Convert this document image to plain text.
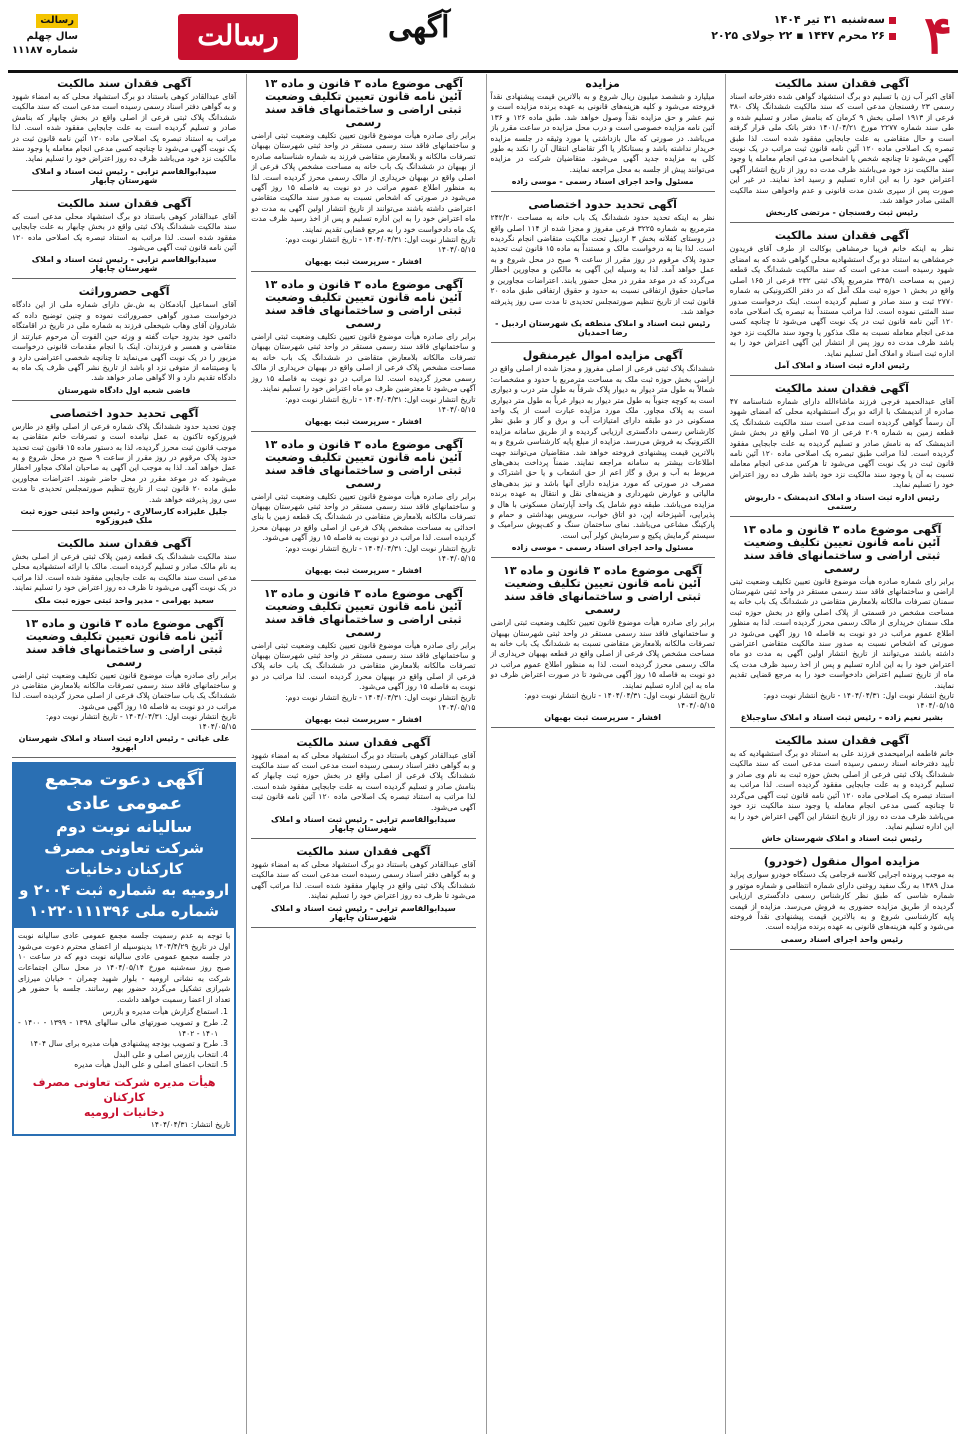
۴
سه‌شنبه ۳۱ تیر ۱۴۰۴
۲۶ محرم ۱۴۴۷ ▪ ۲۲ جولای ۲۰۲۵
آگهی
رسالت
رسالت
سال چهلم
شماره ۱۱۱۸۷
آگهی فقدان سند مالکیت

آقای اکبر آب زن با تسلیم دو برگ استشهاد گواهی شده دفترخانه اسناد رسمی ۲۳ رفسنجان مدعی است که سند مالکیت ششدانگ پلاک ۳۸۰ فرعی از ۱۹۱۳ اصلی بخش ۹ کرمان که بنامش صادر و تسلیم شده و طی سند شماره ۲۲۷۷ مورخ ۱۴۰۱/۰۴/۲۱ دفتر بانک ملی قرار گرفته است و حال متقاضی به علت جابجایی مفقود شده است. لذا طبق تبصره یک اصلاحی ماده ۱۲۰ آئین نامه قانون ثبت مراتب در یک نوبت آگهی می‌شود تا چنانچه شخص یا اشخاصی مدعی انجام معامله یا وجود سند مالکیت نزد خود می‌باشند ظرف مدت ده روز از تاریخ انتشار آگهی اعتراض خود را به این اداره تسلیم و رسید اخذ نمایند. در غیر این صورت پس از سپری شدن مدت قانونی و عدم واخواهی سند مالکیت المثنی صادر خواهد شد.

رئیس ثبت رفسنجان - مرتضی کاربخش
آگهی فقدان سند مالکیت

نظر به اینکه خانم فریبا خرمشاهی بوکالت از طرف آقای فریدون خرمشاهی به استناد دو برگ استشهادیه محلی گواهی شده که به امضای شهود رسیده است مدعی است که سند مالکیت ششدانگ یک قطعه زمین به مساحت ۳۴۵/۱ مترمربع پلاک ثبتی ۲۳۲ فرعی از ۱۶۵ اصلی واقع در بخش ۱ حوزه ثبت ملک آمل که در دفتر الکترونیکی به شماره ۲۷۷۰ ثبت و سند صادر و تسلیم گردیده است. اینک درخواست صدور سند المثنی نموده است. لذا مراتب مستنداً به تبصره یک اصلاحی ماده ۱۲۰ آئین نامه قانون ثبت در یک نوبت آگهی می‌شود تا چنانچه کسی مدعی انجام معامله نسبت به ملک مذکور یا وجود سند مالکیت نزد خود باشد ظرف مدت ده روز پس از انتشار این آگهی اعتراض خود را به اداره ثبت اسناد و املاک آمل تسلیم نماید.

رئیس اداره ثبت اسناد و املاک آمل
آگهی فقدان سند مالکیت

آقای عبدالحمید فرجی فرزند ماشاءالله دارای شماره شناسنامه ۴۷ صادره از اندیمشک با ارائه دو برگ استشهادیه محلی که امضای شهود آن رسماً گواهی گردیده است مدعی است سند مالکیت ششدانگ یک قطعه زمین به شماره ۲۰۹ فرعی از ۷۵ اصلی واقع در بخش شش اندیمشک که به نامش صادر و تسلیم گردیده به علت جابجایی مفقود گردیده است. لذا مراتب طبق تبصره یک اصلاحی ماده ۱۲۰ آئین نامه قانون ثبت در یک نوبت آگهی می‌شود تا هرکس مدعی انجام معامله نسبت به آن یا وجود سند مالکیت نزد خود باشد ظرف ده روز اعتراض خود را تسلیم نماید.

رئیس اداره ثبت اسناد و املاک اندیمشک - داریوش رستمی
آگهی موضوع ماده ۳ قانون و ماده ۱۳ آئین نامه قانون تعیین تکلیف وضعیت ثبتی اراضی و ساختمانهای فاقد سند رسمی

برابر رای شماره صادره هیأت موضوع قانون تعیین تکلیف وضعیت ثبتی اراضی و ساختمانهای فاقد سند رسمی مستقر در واحد ثبتی شهرستان سمنان تصرفات مالکانه بلامعارض متقاضی در ششدانگ یک باب خانه به مساحت مشخص در قسمتی از پلاک اصلی واقع در بخش حوزه ثبت ملک سمنان خریداری از مالک رسمی محرز گردیده است. لذا به منظور اطلاع عموم مراتب در دو نوبت به فاصله ۱۵ روز آگهی می‌شود در صورتی که اشخاص نسبت به صدور سند مالکیت متقاضی اعتراضی داشته باشند می‌توانند از تاریخ انتشار اولین آگهی به مدت دو ماه اعتراض خود را به این اداره تسلیم و پس از اخذ رسید ظرف مدت یک ماه از تاریخ تسلیم اعتراض دادخواست خود را به مرجع قضایی تقدیم نمایند.

تاریخ انتشار نوبت اول: ۱۴۰۴/۰۴/۳۱ - تاریخ انتشار نوبت دوم: ۱۴۰۴/۰۵/۱۵
بشیر نعیم زاده - رئیس ثبت اسناد و املاک ساوجبلاغ
آگهی فقدان سند مالکیت

خانم فاطمه ابرامیحمدی فرزند علی به استناد دو برگ استشهادیه که به تأیید دفترخانه اسناد رسمی رسیده است مدعی است که سند مالکیت ششدانگ پلاک ثبتی فرعی از اصلی بخش حوزه ثبت به نام وی صادر و تسلیم گردیده و به علت جابجایی مفقود گردیده است. لذا مراتب به استناد تبصره یک اصلاحی ماده ۱۲۰ آئین نامه قانون ثبت آگهی می‌گردد تا چنانچه کسی مدعی انجام معامله یا وجود سند مالکیت نزد خود می‌باشد ظرف مدت ده روز از تاریخ انتشار این آگهی اعتراض خود را به این اداره تسلیم نماید.

رئیس ثبت اسناد و املاک شهرستان خاش
مزایده اموال منقول (خودرو)

به موجب پرونده اجرایی کلاسه فرجامی یک دستگاه خودرو سواری پراید مدل ۱۳۸۹ به رنگ سفید روغنی دارای شماره انتظامی و شماره موتور و شماره شاسی که طبق نظر کارشناس رسمی دادگستری ارزیابی گردیده از طریق مزایده حضوری به فروش می‌رسد. مزایده از قیمت پایه کارشناسی شروع و به بالاترین قیمت پیشنهادی نقداً فروخته می‌شود و کلیه هزینه‌های قانونی به عهده برنده مزایده است.

رئیس واحد اجرای اسناد رسمی
مزایده

میلیارد و ششصد میلیون ریال شروع و به بالاترین قیمت پیشنهادی نقداً فروخته می‌شود و کلیه هزینه‌های قانونی به عهده برنده مزایده است و نیم عشر و حق مزایده نقداً وصول خواهد شد. طبق ماده ۱۲۶ و ۱۳۶ آئین نامه مزایده خصوصی است و درب محل مزایده در ساعت مقرر باز می‌باشد. در صورتی که مال بازداشتی یا مورد وثیقه در جلسه مزایده خریدار نداشته باشد و بستانکار یا اگر تقاضای انتقال آن را نکند به طور کلی به مزایده جدید آگهی می‌شود. متقاضیان شرکت در مزایده می‌توانند پیش از جلسه به محل مراجعه نمایند.

مسئول واحد اجرای اسناد رسمی - موسی زاده
آگهی تحدید حدود اختصاصی

نظر به اینکه تحدید حدود ششدانگ یک باب خانه به مساحت ۲۴۲/۲۰ مترمربع به شماره ۳۲۲۵ فرعی مفروز و مجزا شده از ۱۱۴ اصلی واقع در روستای کفلانه بخش ۳ اردبیل تحت مالکیت متقاضی انجام نگردیده است. لذا بنا به درخواست مالک و مستنداً به ماده ۱۵ قانون ثبت تحدید حدود پلاک مرقوم در روز مقرر از ساعت ۹ صبح در محل شروع و به عمل خواهد آمد. لذا به وسیله این آگهی به مالکین و مجاورین اخطار می‌گردد که در موعد مقرر در محل حضور یابند. اعتراضات مجاورین و صاحبان حقوق ارتفاقی نسبت به حدود و حقوق ارتفاقی طبق ماده ۲۰ قانون ثبت از تاریخ تنظیم صورتمجلس تحدیدی تا مدت سی روز پذیرفته خواهد شد.

رئیس ثبت اسناد و املاک منطقه یک شهرستان اردبیل - رضا احمدیان
آگهی مزایده اموال غیرمنقول

ششدانگ پلاک ثبتی فرعی از اصلی مفروز و مجزا شده از اصلی واقع در اراضی بخش حوزه ثبت ملک به مساحت مترمربع با حدود و مشخصات: شمالاً به طول متر دیوار به دیوار پلاک شرقاً به طول متر درب و دیواری است به کوچه جنوباً به طول متر دیوار به دیوار غرباً به طول متر دیواری است به پلاک مجاور. ملک مورد مزایده عبارت است از یک واحد مسکونی در دو طبقه دارای امتیازات آب و برق و گاز و طبق نظر کارشناس رسمی دادگستری ارزیابی گردیده و از طریق سامانه مزایده الکترونیک به فروش می‌رسد. مزایده از مبلغ پایه کارشناسی شروع و به بالاترین قیمت پیشنهادی فروخته خواهد شد. متقاضیان می‌توانند جهت اطلاعات بیشتر به سامانه مراجعه نمایند. ضمناً پرداخت بدهی‌های مربوط به آب و برق و گاز اعم از حق انشعاب و یا حق اشتراک و مصرف در صورتی که مورد مزایده دارای آنها باشد و نیز بدهی‌های مالیاتی و عوارض شهرداری و هزینه‌های نقل و انتقال به عهده برنده مزایده می‌باشد. طبقه دوم شامل یک واحد آپارتمان مسکونی با هال و پذیرایی، آشپزخانه اپن، دو اتاق خواب، سرویس بهداشتی و حمام و پارکینگ مشاعی می‌باشد. نمای ساختمان سنگ و کف‌پوش سرامیک و سیستم گرمایش پکیج و سرمایش کولر آبی است.

مسئول واحد اجرای اسناد رسمی - موسی زاده
آگهی موضوع ماده ۳ قانون و ماده ۱۳ آئین نامه قانون تعیین تکلیف وضعیت ثبتی اراضی و ساختمانهای فاقد سند رسمی

برابر رای صادره هیأت موضوع قانون تعیین تکلیف وضعیت ثبتی اراضی و ساختمانهای فاقد سند رسمی مستقر در واحد ثبتی شهرستان بهبهان تصرفات مالکانه بلامعارض متقاضی نسبت به ششدانگ یک باب خانه به مساحت مشخص پلاک فرعی از اصلی واقع در قطعه بهبهان خریداری از مالک رسمی محرز گردیده است. لذا به منظور اطلاع عموم مراتب در دو نوبت به فاصله ۱۵ روز آگهی می‌شود تا در صورت اعتراض ظرف دو ماه به این اداره تسلیم نمایند.

تاریخ انتشار نوبت اول: ۱۴۰۴/۰۴/۳۱ - تاریخ انتشار نوبت دوم: ۱۴۰۴/۰۵/۱۵
افشار - سرپرست ثبت بهبهان
آگهی موضوع ماده ۳ قانون و ماده ۱۳ آئین نامه قانون تعیین تکلیف وضعیت ثبتی اراضی و ساختمانهای فاقد سند رسمی

برابر رای صادره هیأت موضوع قانون تعیین تکلیف وضعیت ثبتی اراضی و ساختمانهای فاقد سند رسمی مستقر در واحد ثبتی شهرستان بهبهان تصرفات مالکانه و بلامعارض متقاضی فرزند به شماره شناسنامه صادره از بهبهان در ششدانگ یک باب خانه به مساحت مشخص پلاک فرعی از اصلی واقع در بهبهان خریداری از مالک رسمی محرز گردیده است. لذا به منظور اطلاع عموم مراتب در دو نوبت به فاصله ۱۵ روز آگهی می‌شود در صورتی که اشخاص نسبت به صدور سند مالکیت متقاضی اعتراضی داشته باشند می‌توانند از تاریخ انتشار اولین آگهی به مدت دو ماه اعتراض خود را به این اداره تسلیم و پس از اخذ رسید ظرف مدت یک ماه دادخواست خود را به مرجع قضایی تقدیم نمایند.

تاریخ انتشار نوبت اول: ۱۴۰۴/۰۴/۳۱ - تاریخ انتشار نوبت دوم: ۱۴۰۴/۰۵/۱۵
افشار - سرپرست ثبت بهبهان
آگهی موضوع ماده ۳ قانون و ماده ۱۳ آئین نامه قانون تعیین تکلیف وضعیت ثبتی اراضی و ساختمانهای فاقد سند رسمی

برابر رای صادره هیأت موضوع قانون تعیین تکلیف وضعیت ثبتی اراضی و ساختمانهای فاقد سند رسمی مستقر در واحد ثبتی شهرستان بهبهان تصرفات مالکانه بلامعارض متقاضی در ششدانگ یک باب خانه به مساحت مشخص پلاک فرعی از اصلی واقع در بهبهان خریداری از مالک رسمی محرز گردیده است. لذا مراتب در دو نوبت به فاصله ۱۵ روز آگهی می‌شود تا معترضین ظرف دو ماه اعتراض خود را تسلیم نمایند.

تاریخ انتشار نوبت اول: ۱۴۰۴/۰۴/۳۱ - تاریخ انتشار نوبت دوم: ۱۴۰۴/۰۵/۱۵
افشار - سرپرست ثبت بهبهان
آگهی موضوع ماده ۳ قانون و ماده ۱۳ آئین نامه قانون تعیین تکلیف وضعیت ثبتی اراضی و ساختمانهای فاقد سند رسمی

برابر رای صادره هیأت موضوع قانون تعیین تکلیف وضعیت ثبتی اراضی و ساختمانهای فاقد سند رسمی مستقر در واحد ثبتی شهرستان بهبهان تصرفات مالکانه بلامعارض متقاضی در ششدانگ یک قطعه زمین با بنای احداثی به مساحت مشخص پلاک فرعی از اصلی واقع در بهبهان محرز گردیده است. لذا مراتب در دو نوبت به فاصله ۱۵ روز آگهی می‌شود.

تاریخ انتشار نوبت اول: ۱۴۰۴/۰۴/۳۱ - تاریخ انتشار نوبت دوم: ۱۴۰۴/۰۵/۱۵
افشار - سرپرست ثبت بهبهان
آگهی موضوع ماده ۳ قانون و ماده ۱۳ آئین نامه قانون تعیین تکلیف وضعیت ثبتی اراضی و ساختمانهای فاقد سند رسمی

برابر رای صادره هیأت موضوع قانون تعیین تکلیف وضعیت ثبتی اراضی و ساختمانهای فاقد سند رسمی مستقر در واحد ثبتی شهرستان بهبهان تصرفات مالکانه بلامعارض متقاضی در ششدانگ یک باب خانه پلاک فرعی از اصلی واقع در بهبهان محرز گردیده است. لذا مراتب در دو نوبت به فاصله ۱۵ روز آگهی می‌شود.

تاریخ انتشار نوبت اول: ۱۴۰۴/۰۴/۳۱ - تاریخ انتشار نوبت دوم: ۱۴۰۴/۰۵/۱۵
افشار - سرپرست ثبت بهبهان
آگهی فقدان سند مالکیت

آقای عبدالقادر کوهی باستناد دو برگ استشهاد محلی که به امضاء شهود و به گواهی دفتر اسناد رسمی رسیده است مدعی است که سند مالکیت ششدانگ پلاک فرعی از اصلی واقع در بخش حوزه ثبت چابهار که بنامش صادر و تسلیم گردیده است به علت جابجایی مفقود شده است. لذا مراتب به استناد تبصره یک اصلاحی ماده ۱۲۰ آئین نامه قانون ثبت آگهی می‌شود.

سیدابوالقاسم ترابی - رئیس ثبت اسناد و املاک شهرستان چابهار
آگهی فقدان سند مالکیت

آقای عبدالقادر کوهی باستناد دو برگ استشهاد محلی که به امضاء شهود و به گواهی دفتر اسناد رسمی رسیده است مدعی است که سند مالکیت ششدانگ پلاک ثبتی واقع در چابهار مفقود شده است. لذا مراتب آگهی می‌شود تا ظرف ده روز اعتراض خود را تسلیم نمایند.

سیدابوالقاسم ترابی - رئیس ثبت اسناد و املاک شهرستان چابهار
آگهی فقدان سند مالکیت

آقای عبدالقادر کوهی باستناد دو برگ استشهاد محلی که به امضاء شهود و به گواهی دفتر اسناد رسمی رسیده است مدعی است که سند مالکیت ششدانگ پلاک ثبتی فرعی از اصلی واقع در بخش چابهار که بنامش صادر و تسلیم گردیده است به علت جابجایی مفقود شده است. لذا مراتب به استناد تبصره یک اصلاحی ماده ۱۲۰ آئین نامه قانون ثبت در یک نوبت آگهی می‌شود تا چنانچه کسی مدعی انجام معامله یا وجود سند مالکیت نزد خود می‌باشد ظرف ده روز اعتراض خود را تسلیم نماید.

سیدابوالقاسم ترابی - رئیس ثبت اسناد و املاک شهرستان چابهار
آگهی فقدان سند مالکیت

آقای عبدالقادر کوهی باستناد دو برگ استشهاد محلی مدعی است که سند مالکیت ششدانگ پلاک ثبتی واقع در بخش چابهار به علت جابجایی مفقود شده است. لذا مراتب به استناد تبصره یک اصلاحی ماده ۱۲۰ آئین نامه قانون ثبت آگهی می‌شود.

سیدابوالقاسم ترابی - رئیس ثبت اسناد و املاک شهرستان چابهار
آگهی حصروراثت

آقای اسماعیل آبادمکان به ش.ش دارای شماره ملی از این دادگاه درخواست صدور گواهی حصروراثت نموده و چنین توضیح داده که شادروان آقای وهاب شیخعلی فرزند به شماره ملی در تاریخ در اقامتگاه دائمی خود بدرود حیات گفته و ورثه حین الفوت آن مرحوم عبارتند از متقاضی و همسر و فرزندان. اینک با انجام مقدمات قانونی درخواست مزبور را در یک نوبت آگهی می‌نماید تا چنانچه شخصی اعتراضی دارد و یا وصیتنامه از متوفی نزد او باشد از تاریخ نشر آگهی ظرف یک ماه به دادگاه تقدیم دارد و الا گواهی صادر خواهد شد.

قاضی شعبه اول دادگاه شهرستان
آگهی تحدید حدود اختصاصی

چون تحدید حدود ششدانگ پلاک شماره فرعی از اصلی واقع در طارس فیروزکوه تاکنون به عمل نیامده است و تصرفات خانم متقاضی به موجب قانون ثبت محرز گردیده، لذا به دستور ماده ۱۵ قانون ثبت تحدید حدود پلاک مرقوم در روز مقرر از ساعت ۹ صبح در محل شروع و به عمل خواهد آمد. لذا به موجب این آگهی به صاحبان املاک مجاور اخطار می‌شود که در موعد مقرر در محل حاضر شوند. اعتراضات مجاورین طبق ماده ۲۰ قانون ثبت از تاریخ تنظیم صورتمجلس تحدیدی تا مدت سی روز پذیرفته خواهد شد.

جلیل علیزاده کارسالاری - رئیس واحد ثبتی حوزه ثبت ملک فیروزکوه
آگهی فقدان سند مالکیت

سند مالکیت ششدانگ یک قطعه زمین پلاک ثبتی فرعی از اصلی بخش به نام مالک صادر و تسلیم گردیده است. مالک با ارائه استشهادیه محلی مدعی است سند مالکیت به علت جابجایی مفقود شده است. لذا مراتب در یک نوبت آگهی می‌شود تا ظرف ده روز اعتراض خود را تسلیم نمایند.

سعید بهرامی - مدیر واحد ثبتی حوزه ثبت ملک
آگهی موضوع ماده ۳ قانون و ماده ۱۳ آئین نامه قانون تعیین تکلیف وضعیت ثبتی اراضی و ساختمانهای فاقد سند رسمی

برابر رای صادره هیأت موضوع قانون تعیین تکلیف وضعیت ثبتی اراضی و ساختمانهای فاقد سند رسمی تصرفات مالکانه بلامعارض متقاضی در ششدانگ یک باب ساختمان پلاک فرعی از اصلی محرز گردیده است. لذا مراتب در دو نوبت به فاصله ۱۵ روز آگهی می‌شود.

تاریخ انتشار نوبت اول: ۱۴۰۴/۰۴/۳۱ - تاریخ انتشار نوبت دوم: ۱۴۰۴/۰۵/۱۵
علی غیاثی - رئیس اداره ثبت اسناد و املاک شهرستان ابهرود
آگهی دعوت مجمع عمومی عادی
سالیانه نوبت دوم
شرکت تعاونی مصرف کارکنان دخانیات
ارومیه به شماره ثبت ۲۰۰۴ و شماره ملی ۱۰۲۲۰۱۱۱۳۹۶
با توجه به عدم رسمیت جلسه مجمع عمومی عادی سالیانه نوبت اول در تاریخ ۱۴۰۴/۴/۲۹ بدینوسیله از اعضای محترم دعوت می‌شود در جلسه مجمع عمومی عادی سالیانه نوبت دوم که در ساعت ۱۰ صبح روز سه‌شنبه مورخ ۱۴۰۴/۰۵/۱۴ در محل سالن اجتماعات شرکت به نشانی ارومیه - بلوار شهید چمران - خیابان میرزای شیرازی تشکیل می‌گردد حضور بهم رسانند. جلسه با حضور هر تعداد از اعضا رسمیت خواهد داشت.
1. استماع گزارش هیأت مدیره و بازرس
2. طرح و تصویب صورتهای مالی سالهای ۱۳۹۸ - ۱۳۹۹ - ۱۴۰۰ - ۱۴۰۱ - ۱۴۰۲
3. طرح و تصویب بودجه پیشنهادی هیأت مدیره برای سال ۱۴۰۴
4. انتخاب بازرس اصلی و علی البدل
5. انتخاب اعضای اصلی و علی البدل هیأت مدیره
هیأت مدیره شرکت تعاونی مصرف کارکنان
دخانیات ارومیه
تاریخ انتشار: ۱۴۰۴/۰۴/۳۱
